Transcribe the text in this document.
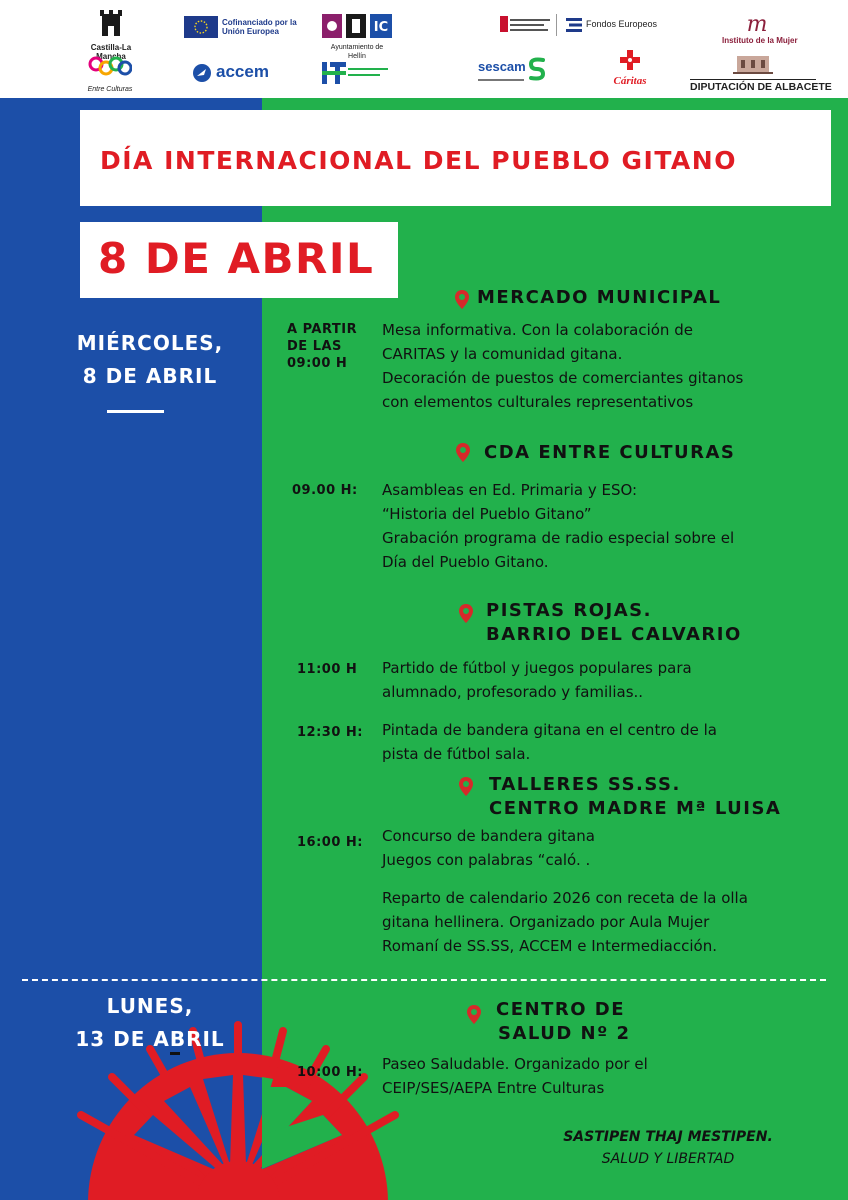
Castilla-La Mancha
Cofinanciado por la Unión Europea	IC
Ayuntamiento de Hellín
Fondos Europeos	m
Instituto de la Mujer
Entre Culturas
accem	sescam
Cáritas	DIPUTACIÓN DE ALBACETE
DÍA INTERNACIONAL DEL PUEBLO GITANO
8 DE ABRIL
MIÉRCOLES,
8 DE ABRIL
LUNES,
13 DE ABRIL
MERCADO MUNICIPAL
A PARTIR
DE LAS
09:00 H
Mesa informativa. Con la colaboración de
CARITAS y la comunidad gitana.
Decoración de puestos de comerciantes gitanos
con elementos culturales representativos
CDA ENTRE CULTURAS
09.00 H: Asambleas en Ed. Primaria y ESO:
“Historia del Pueblo Gitano”
Grabación programa de radio especial sobre el
Día del Pueblo Gitano.
PISTAS ROJAS.
BARRIO DEL CALVARIO
11:00 H Partido de fútbol y juegos populares para
alumnado, profesorado y familias..
12:30 H: Pintada de bandera gitana en el centro de la
pista de fútbol sala.
TALLERES SS.SS.
CENTRO MADRE Mª LUISA
16:00 H: Concurso de bandera gitana
Juegos con palabras “caló. .
Reparto de calendario 2026 con receta de la olla
gitana hellinera. Organizado por Aula Mujer
Romaní de SS.SS, ACCEM e Intermediacción.
CENTRO DE
SALUD Nº 2
10:00 H: Paseo Saludable. Organizado por el
CEIP/SES/AEPA Entre Culturas
SASTIPEN THAJ MESTIPEN.
SALUD Y LIBERTAD
